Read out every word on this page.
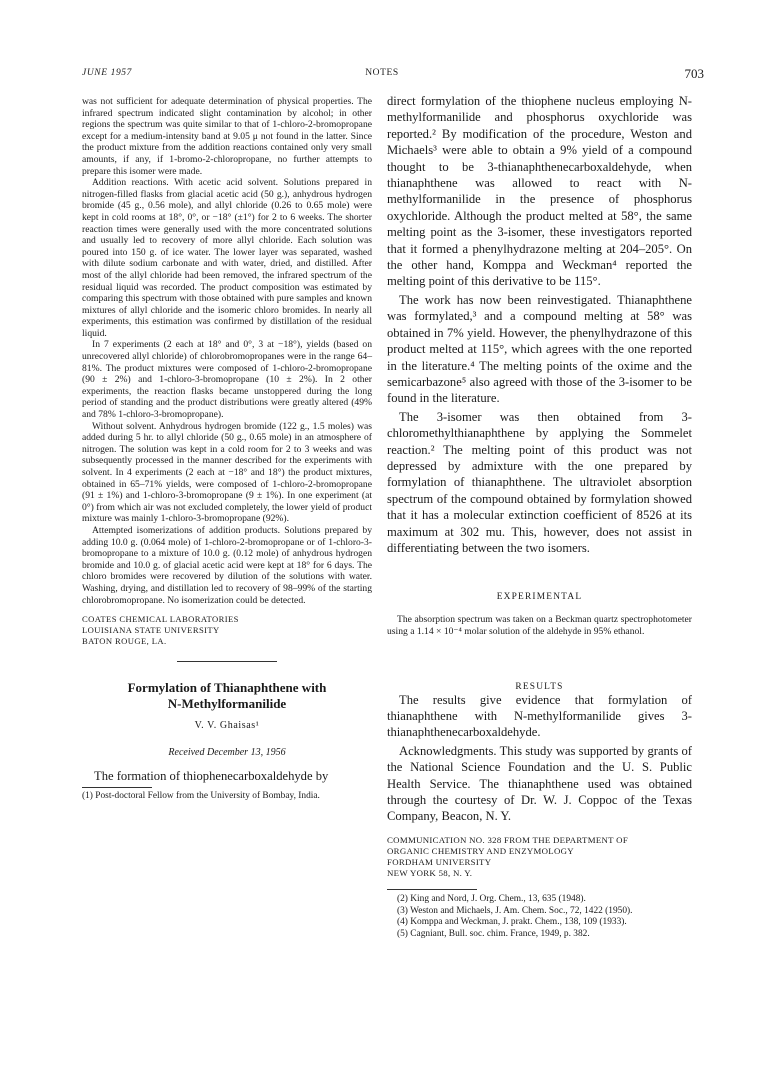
JUNE 1957	NOTES	703

was not sufficient for adequate determination of physical properties. The infrared spectrum indicated slight contamination by alcohol; in other regions the spectrum was quite similar to that of 1-chloro-2-bromopropane except for a medium-intensity band at 9.05 μ not found in the latter. Since the product mixture from the addition reactions contained only very small amounts, if any, if 1-bromo-2-chloropropane, no further attempts to prepare this isomer were made.

Addition reactions. With acetic acid solvent. Solutions prepared in nitrogen-filled flasks from glacial acetic acid (50 g.), anhydrous hydrogen bromide (45 g., 0.56 mole), and allyl chloride (0.26 to 0.65 mole) were kept in cold rooms at 18°, 0°, or −18° (±1°) for 2 to 6 weeks. The shorter reaction times were generally used with the more concentrated solutions and usually led to recovery of more allyl chloride. Each solution was poured into 150 g. of ice water. The lower layer was separated, washed with dilute sodium carbonate and with water, dried, and distilled. After most of the allyl chloride had been removed, the infrared spectrum of the residual liquid was recorded. The product composition was estimated by comparing this spectrum with those obtained with pure samples and known mixtures of allyl chloride and the isomeric chloro bromides. In nearly all experiments, this estimation was confirmed by distillation of the residual liquid.

In 7 experiments (2 each at 18° and 0°, 3 at −18°), yields (based on unrecovered allyl chloride) of chlorobromopropanes were in the range 64–81%. The product mixtures were composed of 1-chloro-2-bromopropane (90 ± 2%) and 1-chloro-3-bromopropane (10 ± 2%). In 2 other experiments, the reaction flasks became unstoppered during the long period of standing and the product distributions were greatly altered (49% and 78% 1-chloro-3-bromopropane).

Without solvent. Anhydrous hydrogen bromide (122 g., 1.5 moles) was added during 5 hr. to allyl chloride (50 g., 0.65 mole) in an atmosphere of nitrogen. The solution was kept in a cold room for 2 to 3 weeks and was subsequently processed in the manner described for the experiments with solvent. In 4 experiments (2 each at −18° and 18°) the product mixtures, obtained in 65–71% yields, were composed of 1-chloro-2-bromopropane (91 ± 1%) and 1-chloro-3-bromopropane (9 ± 1%). In one experiment (at 0°) from which air was not excluded completely, the lower yield of product mixture was mainly 1-chloro-3-bromopropane (92%).

Attempted isomerizations of addition products. Solutions prepared by adding 10.0 g. (0.064 mole) of 1-chloro-2-bromopropane or of 1-chloro-3-bromopropane to a mixture of 10.0 g. (0.12 mole) of anhydrous hydrogen bromide and 10.0 g. of glacial acetic acid were kept at 18° for 6 days. The chloro bromides were recovered by dilution of the solutions with water. Washing, drying, and distillation led to recovery of 98–99% of the starting chlorobromopropane. No isomerization could be detected.

COATES CHEMICAL LABORATORIES
LOUISIANA STATE UNIVERSITY
BATON ROUGE, LA.
Formylation of Thianaphthene with
N-Methylformanilide
V. V. Ghaisas¹
Received December 13, 1956
The formation of thiophenecarboxaldehyde by
(1) Post-doctoral Fellow from the University of Bombay, India.

direct formylation of the thiophene nucleus employing N-methylformanilide and phosphorus oxychloride was reported.² By modification of the procedure, Weston and Michaels³ were able to obtain a 9% yield of a compound thought to be 3-thianaphthenecarboxaldehyde, when thianaphthene was allowed to react with N-methylformanilide in the presence of phosphorus oxychloride. Although the product melted at 58°, the same melting point as the 3-isomer, these investigators reported that it formed a phenylhydrazone melting at 204–205°. On the other hand, Komppa and Weckman⁴ reported the melting point of this derivative to be 115°.

The work has now been reinvestigated. Thianaphthene was formylated,³ and a compound melting at 58° was obtained in 7% yield. However, the phenylhydrazone of this product melted at 115°, which agrees with the one reported in the literature.⁴ The melting points of the oxime and the semicarbazone⁵ also agreed with those of the 3-isomer to be found in the literature.

The 3-isomer was then obtained from 3-chloromethylthianaphthene by applying the Sommelet reaction.² The melting point of this product was not depressed by admixture with the one prepared by formylation of thianaphthene. The ultraviolet absorption spectrum of the compound obtained by formylation showed that it has a molecular extinction coefficient of 8526 at its maximum at 302 mu. This, however, does not assist in differentiating between the two isomers.

EXPERIMENTAL
The absorption spectrum was taken on a Beckman quartz spectrophotometer using a 1.14 × 10⁻⁴ molar solution of the aldehyde in 95% ethanol.
RESULTS

The results give evidence that formylation of thianaphthene with N-methylformanilide gives 3-thianaphthenecarboxaldehyde.

Acknowledgments. This study was supported by grants of the National Science Foundation and the U. S. Public Health Service. The thianaphthene used was obtained through the courtesy of Dr. W. J. Coppoc of the Texas Company, Beacon, N. Y.

COMMUNICATION NO. 328 FROM THE DEPARTMENT OF
ORGANIC CHEMISTRY AND ENZYMOLOGY
FORDHAM UNIVERSITY
NEW YORK 58, N. Y.
(2) King and Nord, J. Org. Chem., 13, 635 (1948).
(3) Weston and Michaels, J. Am. Chem. Soc., 72, 1422 (1950).
(4) Komppa and Weckman, J. prakt. Chem., 138, 109 (1933).
(5) Cagniant, Bull. soc. chim. France, 1949, p. 382.
